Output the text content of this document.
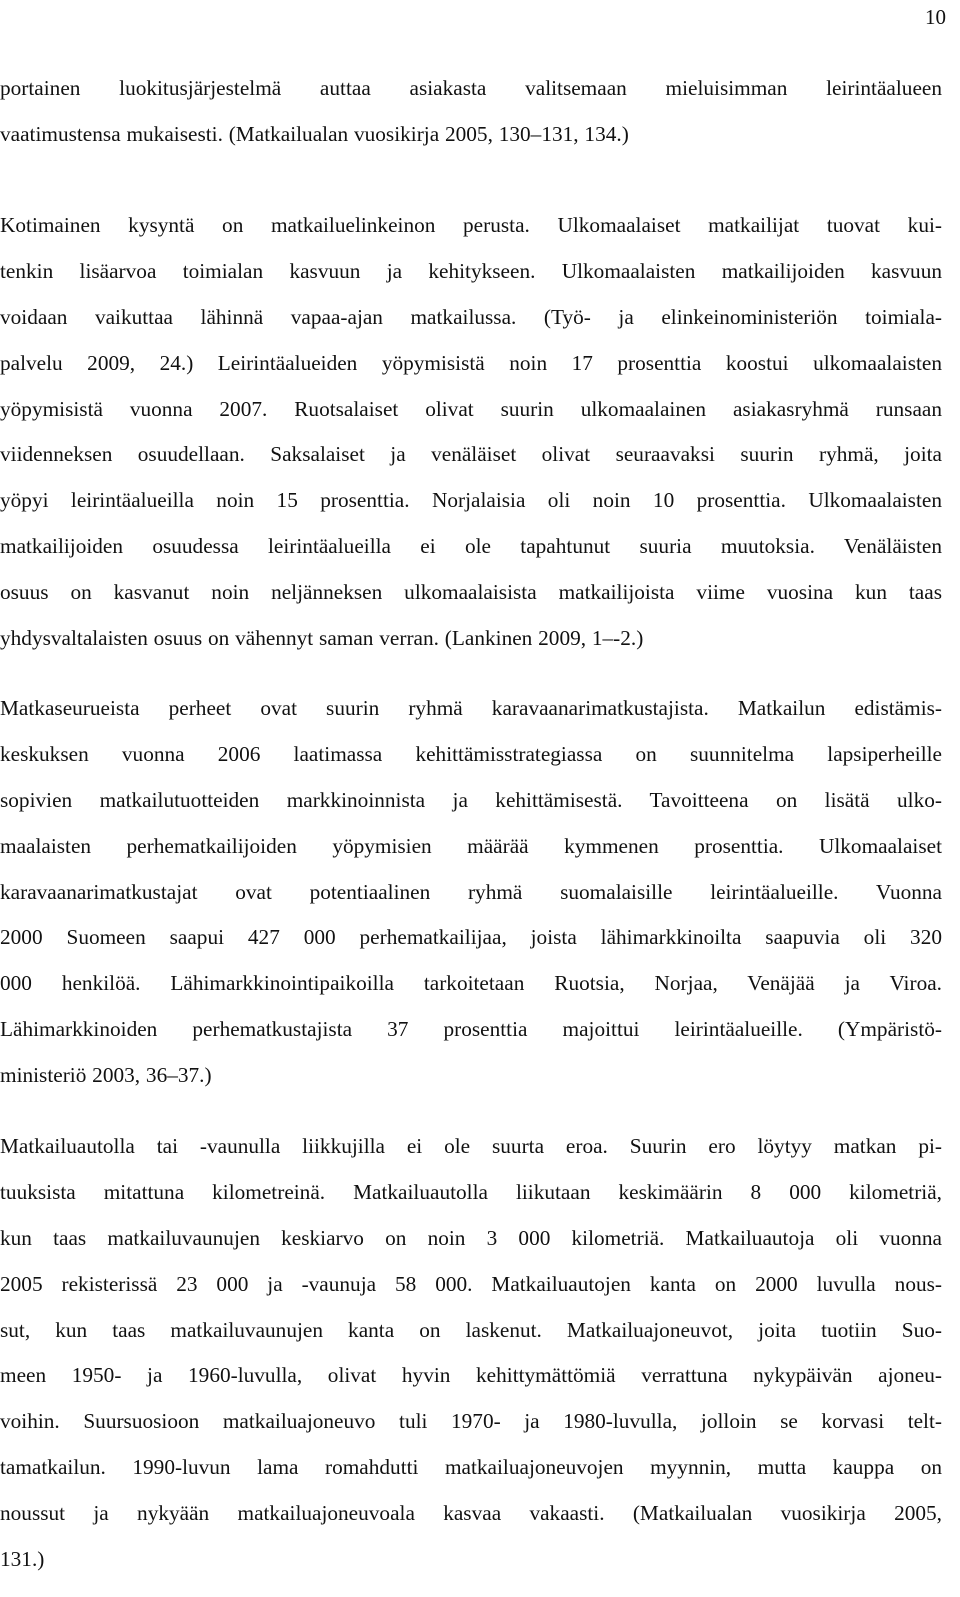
10
portainen luokitusjärjestelmä auttaa asiakasta valitsemaan mieluisimman leirintäalueen
vaatimustensa mukaisesti. (Matkailualan vuosikirja 2005, 130–131, 134.)
Kotimainen kysyntä on matkailuelinkeinon perusta. Ulkomaalaiset matkailijat tuovat kui-
tenkin lisäarvoa toimialan kasvuun ja kehitykseen. Ulkomaalaisten matkailijoiden kasvuun
voidaan vaikuttaa lähinnä vapaa-ajan matkailussa. (Työ- ja elinkeinoministeriön toimiala-
palvelu 2009, 24.) Leirintäalueiden yöpymisistä noin 17 prosenttia koostui ulkomaalaisten
yöpymisistä vuonna 2007. Ruotsalaiset olivat suurin ulkomaalainen asiakasryhmä runsaan
viidenneksen osuudellaan. Saksalaiset ja venäläiset olivat seuraavaksi suurin ryhmä, joita
yöpyi leirintäalueilla noin 15 prosenttia. Norjalaisia oli noin 10 prosenttia. Ulkomaalaisten
matkailijoiden osuudessa leirintäalueilla ei ole tapahtunut suuria muutoksia. Venäläisten
osuus on kasvanut noin neljänneksen ulkomaalaisista matkailijoista viime vuosina kun taas
yhdysvaltalaisten osuus on vähennyt saman verran. (Lankinen 2009, 1–-2.)
Matkaseurueista perheet ovat suurin ryhmä karavaanarimatkustajista. Matkailun edistämis-
keskuksen vuonna 2006 laatimassa kehittämisstrategiassa on suunnitelma lapsiperheille
sopivien matkailutuotteiden markkinoinnista ja kehittämisestä. Tavoitteena on lisätä ulko-
maalaisten perhematkailijoiden yöpymisien määrää kymmenen prosenttia. Ulkomaalaiset
karavaanarimatkustajat ovat potentiaalinen ryhmä suomalaisille leirintäalueille. Vuonna
2000 Suomeen saapui 427 000 perhematkailijaa, joista lähimarkkinoilta saapuvia oli 320
000 henkilöä. Lähimarkkinointipaikoilla tarkoitetaan Ruotsia, Norjaa, Venäjää ja Viroa.
Lähimarkkinoiden perhematkustajista 37 prosenttia majoittui leirintäalueille. (Ympäristö-
ministeriö 2003, 36–37.)
Matkailuautolla tai -vaunulla liikkujilla ei ole suurta eroa. Suurin ero löytyy matkan pi-
tuuksista mitattuna kilometreinä. Matkailuautolla liikutaan keskimäärin 8 000 kilometriä,
kun taas matkailuvaunujen keskiarvo on noin 3 000 kilometriä. Matkailuautoja oli vuonna
2005 rekisterissä 23 000 ja -vaunuja 58 000. Matkailuautojen kanta on 2000 luvulla nous-
sut, kun taas matkailuvaunujen kanta on laskenut. Matkailuajoneuvot, joita tuotiin Suo-
meen 1950- ja 1960-luvulla, olivat hyvin kehittymättömiä verrattuna nykypäivän ajoneu-
voihin. Suursuosioon matkailuajoneuvo tuli 1970- ja 1980-luvulla, jolloin se korvasi telt-
tamatkailun. 1990-luvun lama romahdutti matkailuajoneuvojen myynnin, mutta kauppa on
noussut ja nykyään matkailuajoneuvoala kasvaa vakaasti. (Matkailualan vuosikirja 2005,
131.)
